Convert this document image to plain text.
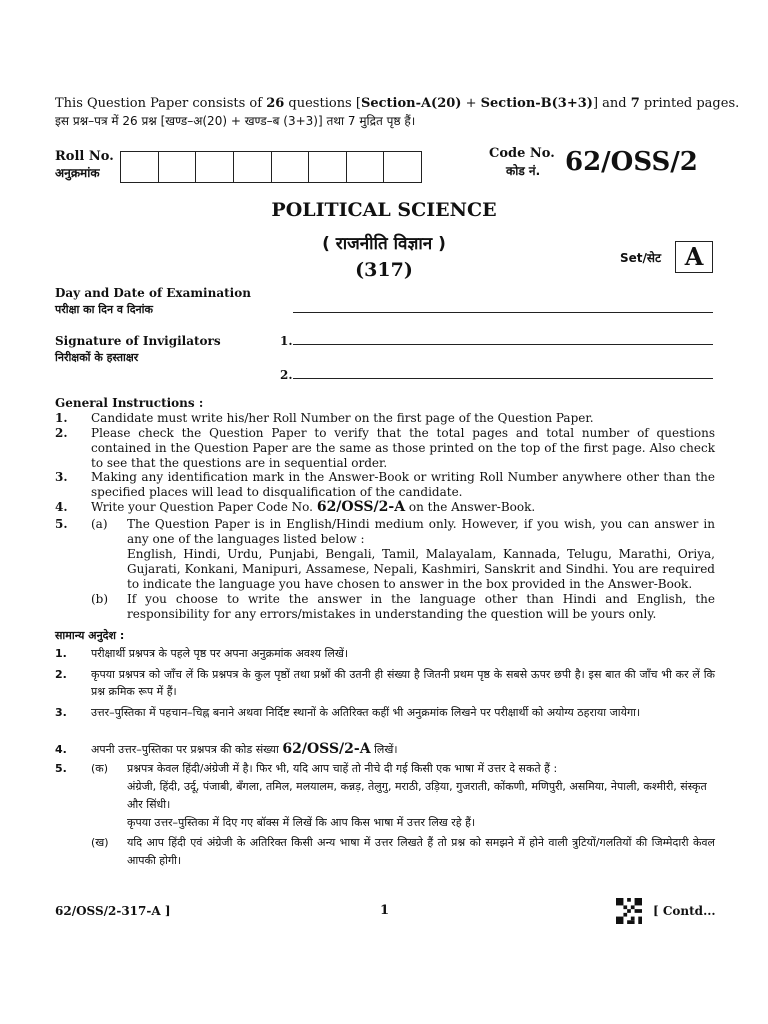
This Question Paper consists of 26 questions [Section-A(20) + Section-B(3+3)] and 7 printed pages.
इस प्रश्न–पत्र में 26 प्रश्न [खण्ड–अ(20) + खण्ड–ब (3+3)] तथा 7 मुद्रित पृष्ठ हैं।
Roll No.
अनुक्रमांक
Code No.
कोड नं. 62/OSS/2
POLITICAL SCIENCE
( राजनीति विज्ञान )
(317)
Set/सेट A
Day and Date of Examination
परीक्षा का दिन व दिनांक
Signature of Invigilators
निरीक्षकों के हस्ताक्षर
1.
2.
General Instructions :
1. Candidate must write his/her Roll Number on the first page of the Question Paper.
2. Please check the Question Paper to verify that the total pages and total number of questions contained in the Question Paper are the same as those printed on the top of the first page. Also check to see that the questions are in sequential order.
3. Making any identification mark in the Answer-Book or writing Roll Number anywhere other than the specified places will lead to disqualification of the candidate.
4. Write your Question Paper Code No. 62/OSS/2-A on the Answer-Book.
5. (a) The Question Paper is in English/Hindi medium only. However, if you wish, you can answer in any one of the languages listed below :
English, Hindi, Urdu, Punjabi, Bengali, Tamil, Malayalam, Kannada, Telugu, Marathi, Oriya, Gujarati, Konkani, Manipuri, Assamese, Nepali, Kashmiri, Sanskrit and Sindhi. You are required to indicate the language you have chosen to answer in the box provided in the Answer-Book.
(b) If you choose to write the answer in the language other than Hindi and English, the responsibility for any errors/mistakes in understanding the question will be yours only.
सामान्य अनुदेश :
1. परीक्षार्थी प्रश्नपत्र के पहले पृष्ठ पर अपना अनुक्रमांक अवश्य लिखें।
2. कृपया प्रश्नपत्र को जाँच लें कि प्रश्नपत्र के कुल पृष्ठों तथा प्रश्नों की उतनी ही संख्या है जितनी प्रथम पृष्ठ के सबसे ऊपर छपी है। इस बात की जाँच भी कर लें कि प्रश्न क्रमिक रूप में हैं।
3. उत्तर–पुस्तिका में पहचान–चिह्न बनाने अथवा निर्दिष्ट स्थानों के अतिरिक्त कहीं भी अनुक्रमांक लिखने पर परीक्षार्थी को अयोग्य ठहराया जायेगा।
4. अपनी उत्तर–पुस्तिका पर प्रश्नपत्र की कोड संख्या 62/OSS/2-A लिखें।
5. (क) प्रश्नपत्र केवल हिंदी/अंग्रेजी में है। फिर भी, यदि आप चाहें तो नीचे दी गई किसी एक भाषा में उत्तर दे सकते हैं :
अंग्रेजी, हिंदी, उर्दू, पंजाबी, बँगला, तमिल, मलयालम, कन्नड़, तेलुगु, मराठी, उड़िया, गुजराती, कोंकणी, मणिपुरी, असमिया, नेपाली, कश्मीरी, संस्कृत और सिंधी।
कृपया उत्तर–पुस्तिका में दिए गए बॉक्स में लिखें कि आप किस भाषा में उत्तर लिख रहे हैं।
(ख) यदि आप हिंदी एवं अंग्रेजी के अतिरिक्त किसी अन्य भाषा में उत्तर लिखते हैं तो प्रश्न को समझने में होने वाली त्रुटियों/गलतियों की जिम्मेदारी केवल आपकी होगी।
62/OSS/2-317-A ]	1	[ Contd...
